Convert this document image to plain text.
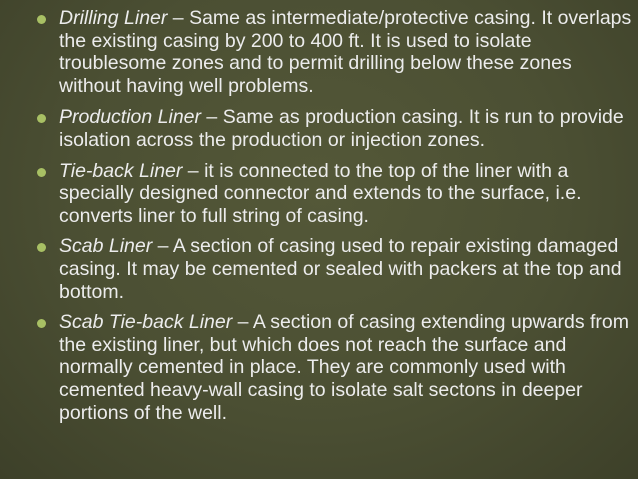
Drilling Liner – Same as intermediate/protective casing. It overlaps the existing casing by 200 to 400 ft. It is used to isolate troublesome zones and to permit drilling below these zones without having well problems.
Production Liner – Same as production casing. It is run to provide isolation across the production or injection zones.
Tie-back Liner – it is connected to the top of the liner with a specially designed connector and extends to the surface, i.e. converts liner to full string of casing.
Scab Liner – A section of casing used to repair existing damaged casing. It may be cemented or sealed with packers at the top and bottom.
Scab Tie-back Liner – A section of casing extending upwards from the existing liner, but which does not reach the surface and normally cemented in place. They are commonly used with cemented heavy-wall casing to isolate salt sectons in deeper portions of the well.
